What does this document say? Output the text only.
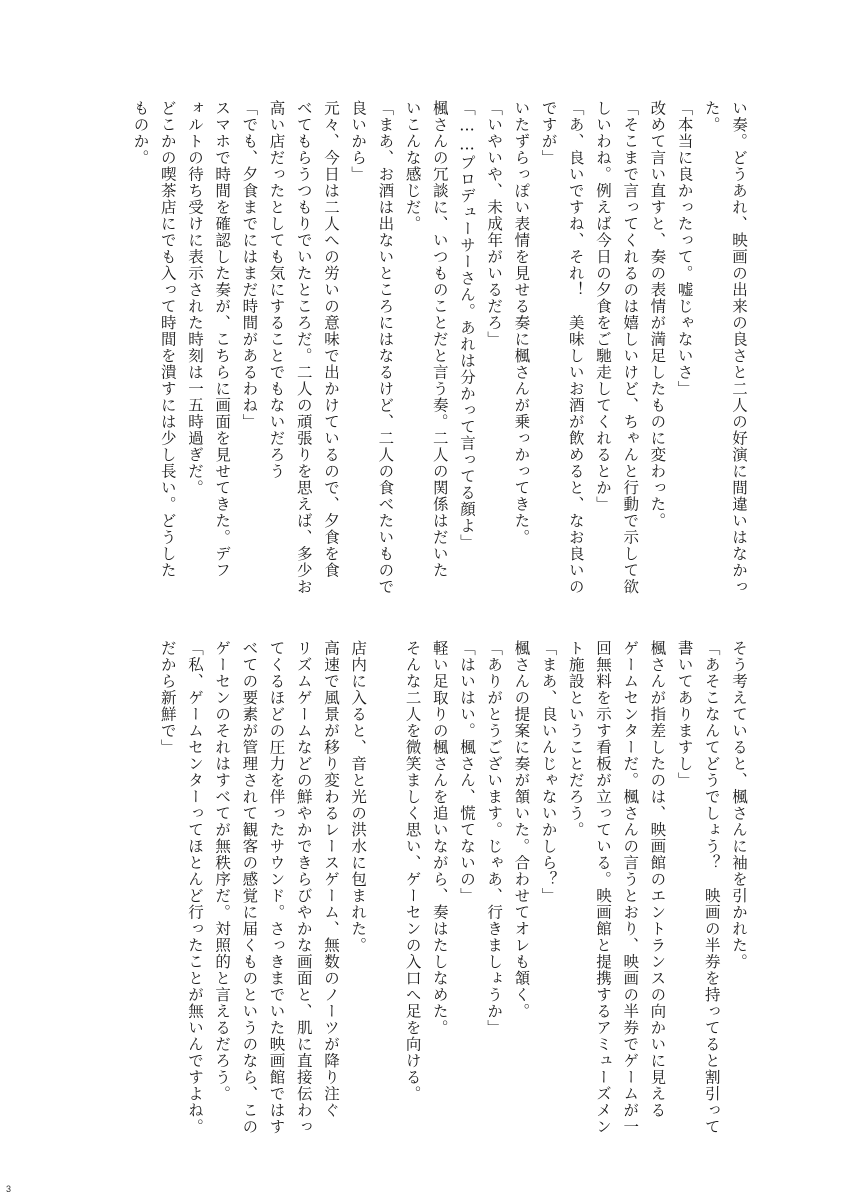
い奏。どうあれ、映画の出来の良さと二人の好演に間違いはなかっ
た。
「本当に良かったって。嘘じゃないさ」
改めて言い直すと、奏の表情が満足したものに変わった。
「そこまで言ってくれるのは嬉しいけど、ちゃんと行動で示して欲
しいわね。例えば今日の夕食をご馳走してくれるとか」
「あ、良いですね、それ！　美味しいお酒が飲めると、なお良いの
ですが」
いたずらっぽい表情を見せる奏に楓さんが乗っかってきた。
「いやいや、未成年がいるだろ」
「……プロデューサーさん。あれは分かって言ってる顔よ」
楓さんの冗談に、いつものことだと言う奏。二人の関係はだいた
いこんな感じだ。
「まあ、お酒は出ないところにはなるけど、二人の食べたいもので
良いから」
元々、今日は二人への労いの意味で出かけているので、夕食を食
べてもらうつもりでいたところだ。二人の頑張りを思えば、多少お
高い店だったとしても気にすることでもないだろう
「でも、夕食までにはまだ時間があるわね」
スマホで時間を確認した奏が、こちらに画面を見せてきた。デフ
ォルトの待ち受けに表示された時刻は一五時過ぎだ。
どこかの喫茶店にでも入って時間を潰すには少し長い。どうした
ものか。
そう考えていると、楓さんに袖を引かれた。
「あそこなんてどうでしょう？　映画の半券を持ってると割引って
書いてありますし」
楓さんが指差したのは、映画館のエントランスの向かいに見える
ゲームセンターだ。楓さんの言うとおり、映画の半券でゲームが一
回無料を示す看板が立っている。映画館と提携するアミューズメン
ト施設ということだろう。
「まあ、良いんじゃないかしら？」
楓さんの提案に奏が頷いた。合わせてオレも頷く。
「ありがとうございます。じゃあ、行きましょうか」
「はいはい。楓さん、慌てないの」
軽い足取りの楓さんを追いながら、奏はたしなめた。
そんな二人を微笑ましく思い、ゲーセンの入口へ足を向ける。

店内に入ると、音と光の洪水に包まれた。
高速で風景が移り変わるレースゲーム、無数のノーツが降り注ぐ
リズムゲームなどの鮮やかできらびやかな画面と、肌に直接伝わっ
てくるほどの圧力を伴ったサウンド。さっきまでいた映画館ではす
べての要素が管理されて観客の感覚に届くものというのなら、この
ゲーセンのそれはすべてが無秩序だ。対照的と言えるだろう。
「私、ゲームセンターってほとんど行ったことが無いんですよね。
だから新鮮で」
3
